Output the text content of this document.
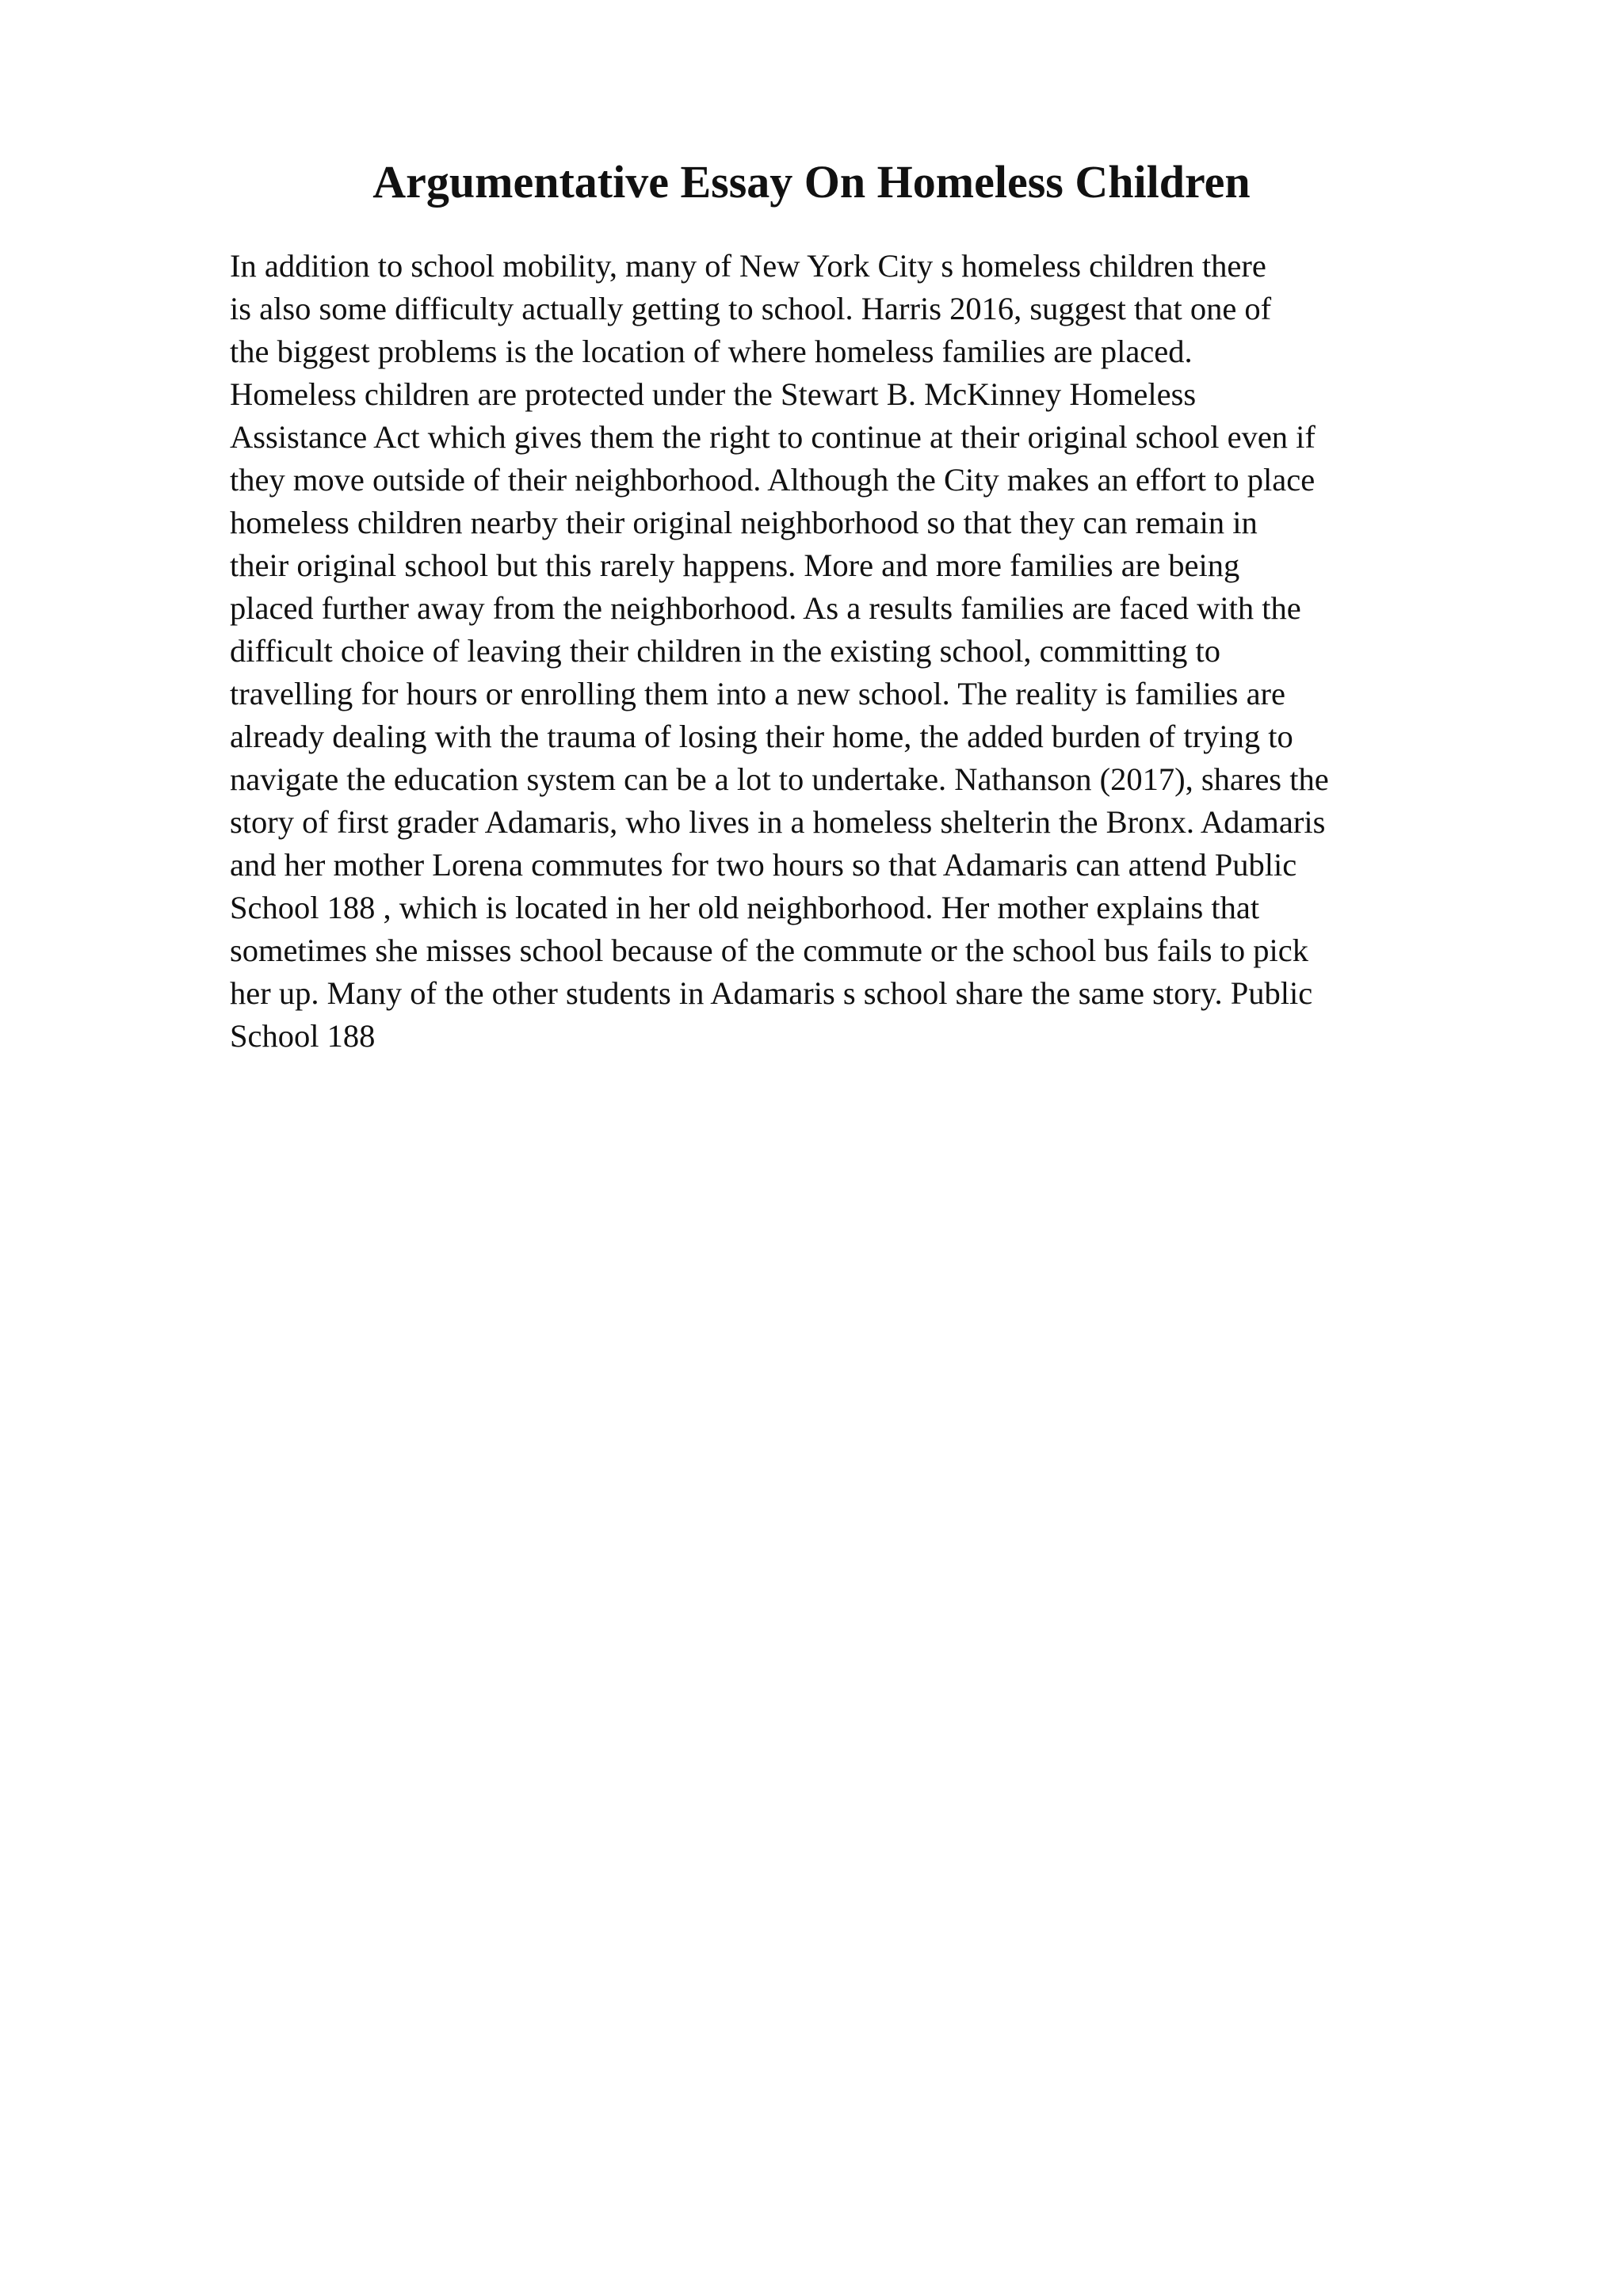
Argumentative Essay On Homeless Children
In addition to school mobility, many of New York City s homeless children there
is also some difficulty actually getting to school. Harris 2016, suggest that one of
the biggest problems is the location of where homeless families are placed.
Homeless children are protected under the Stewart B. McKinney Homeless
Assistance Act which gives them the right to continue at their original school even if
they move outside of their neighborhood. Although the City makes an effort to place
homeless children nearby their original neighborhood so that they can remain in
their original school but this rarely happens. More and more families are being
placed further away from the neighborhood. As a results families are faced with the
difficult choice of leaving their children in the existing school, committing to
travelling for hours or enrolling them into a new school. The reality is families are
already dealing with the trauma of losing their home, the added burden of trying to
navigate the education system can be a lot to undertake. Nathanson (2017), shares the
story of first grader Adamaris, who lives in a homeless shelterin the Bronx. Adamaris
and her mother Lorena commutes for two hours so that Adamaris can attend Public
School 188 , which is located in her old neighborhood. Her mother explains that
sometimes she misses school because of the commute or the school bus fails to pick
her up. Many of the other students in Adamaris s school share the same story. Public
School 188
